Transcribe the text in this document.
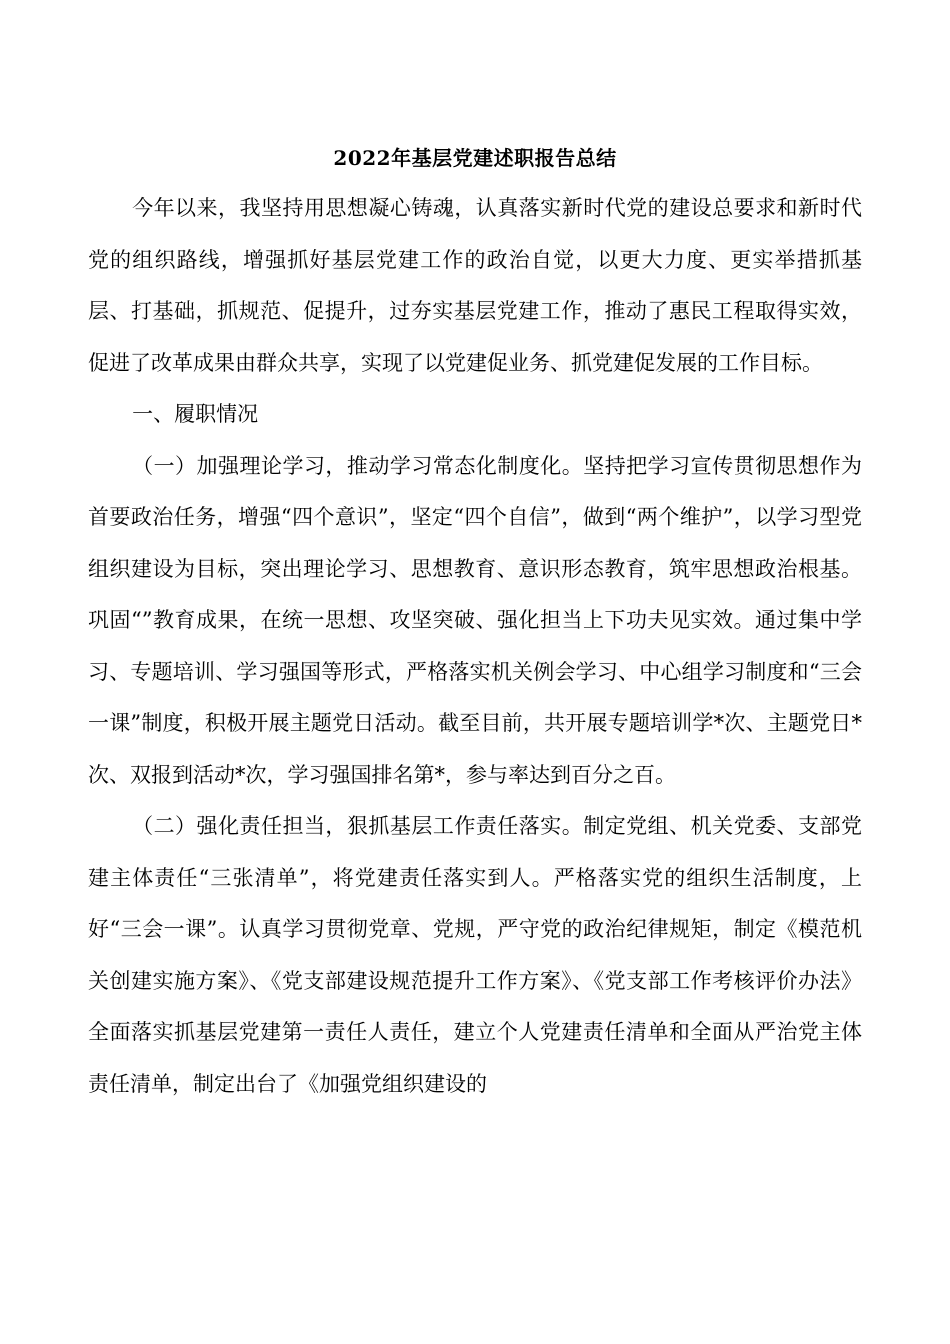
2022年基层党建述职报告总结

今年以来，我坚持用思想凝心铸魂，认真落实新时代党的建设总要求和新时代党的组织路线，增强抓好基层党建工作的政治自觉，以更大力度、更实举措抓基层、打基础，抓规范、促提升，过夯实基层党建工作，推动了惠民工程取得实效，促进了改革成果由群众共享，实现了以党建促业务、抓党建促发展的工作目标。

一、履职情况

（一）加强理论学习，推动学习常态化制度化。坚持把学习宣传贯彻思想作为首要政治任务，增强“四个意识”，坚定“四个自信”，做到“两个维护”，以学习型党组织建设为目标，突出理论学习、思想教育、意识形态教育，筑牢思想政治根基。巩固“”教育成果，在统一思想、攻坚突破、强化担当上下功夫见实效。通过集中学习、专题培训、学习强国等形式，严格落实机关例会学习、中心组学习制度和“三会一课”制度，积极开展主题党日活动。截至目前，共开展专题培训学*次、主题党日*次、双报到活动*次，学习强国排名第*，参与率达到百分之百。

（二）强化责任担当，狠抓基层工作责任落实。制定党组、机关党委、支部党建主体责任“三张清单”，将党建责任落实到人。严格落实党的组织生活制度，上好“三会一课”。认真学习贯彻党章、党规，严守党的政治纪律规矩，制定《模范机关创建实施方案》、《党支部建设规范提升工作方案》、《党支部工作考核评价办法》全面落实抓基层党建第一责任人责任，建立个人党建责任清单和全面从严治党主体责任清单，制定出台了《加强党组织建设的
